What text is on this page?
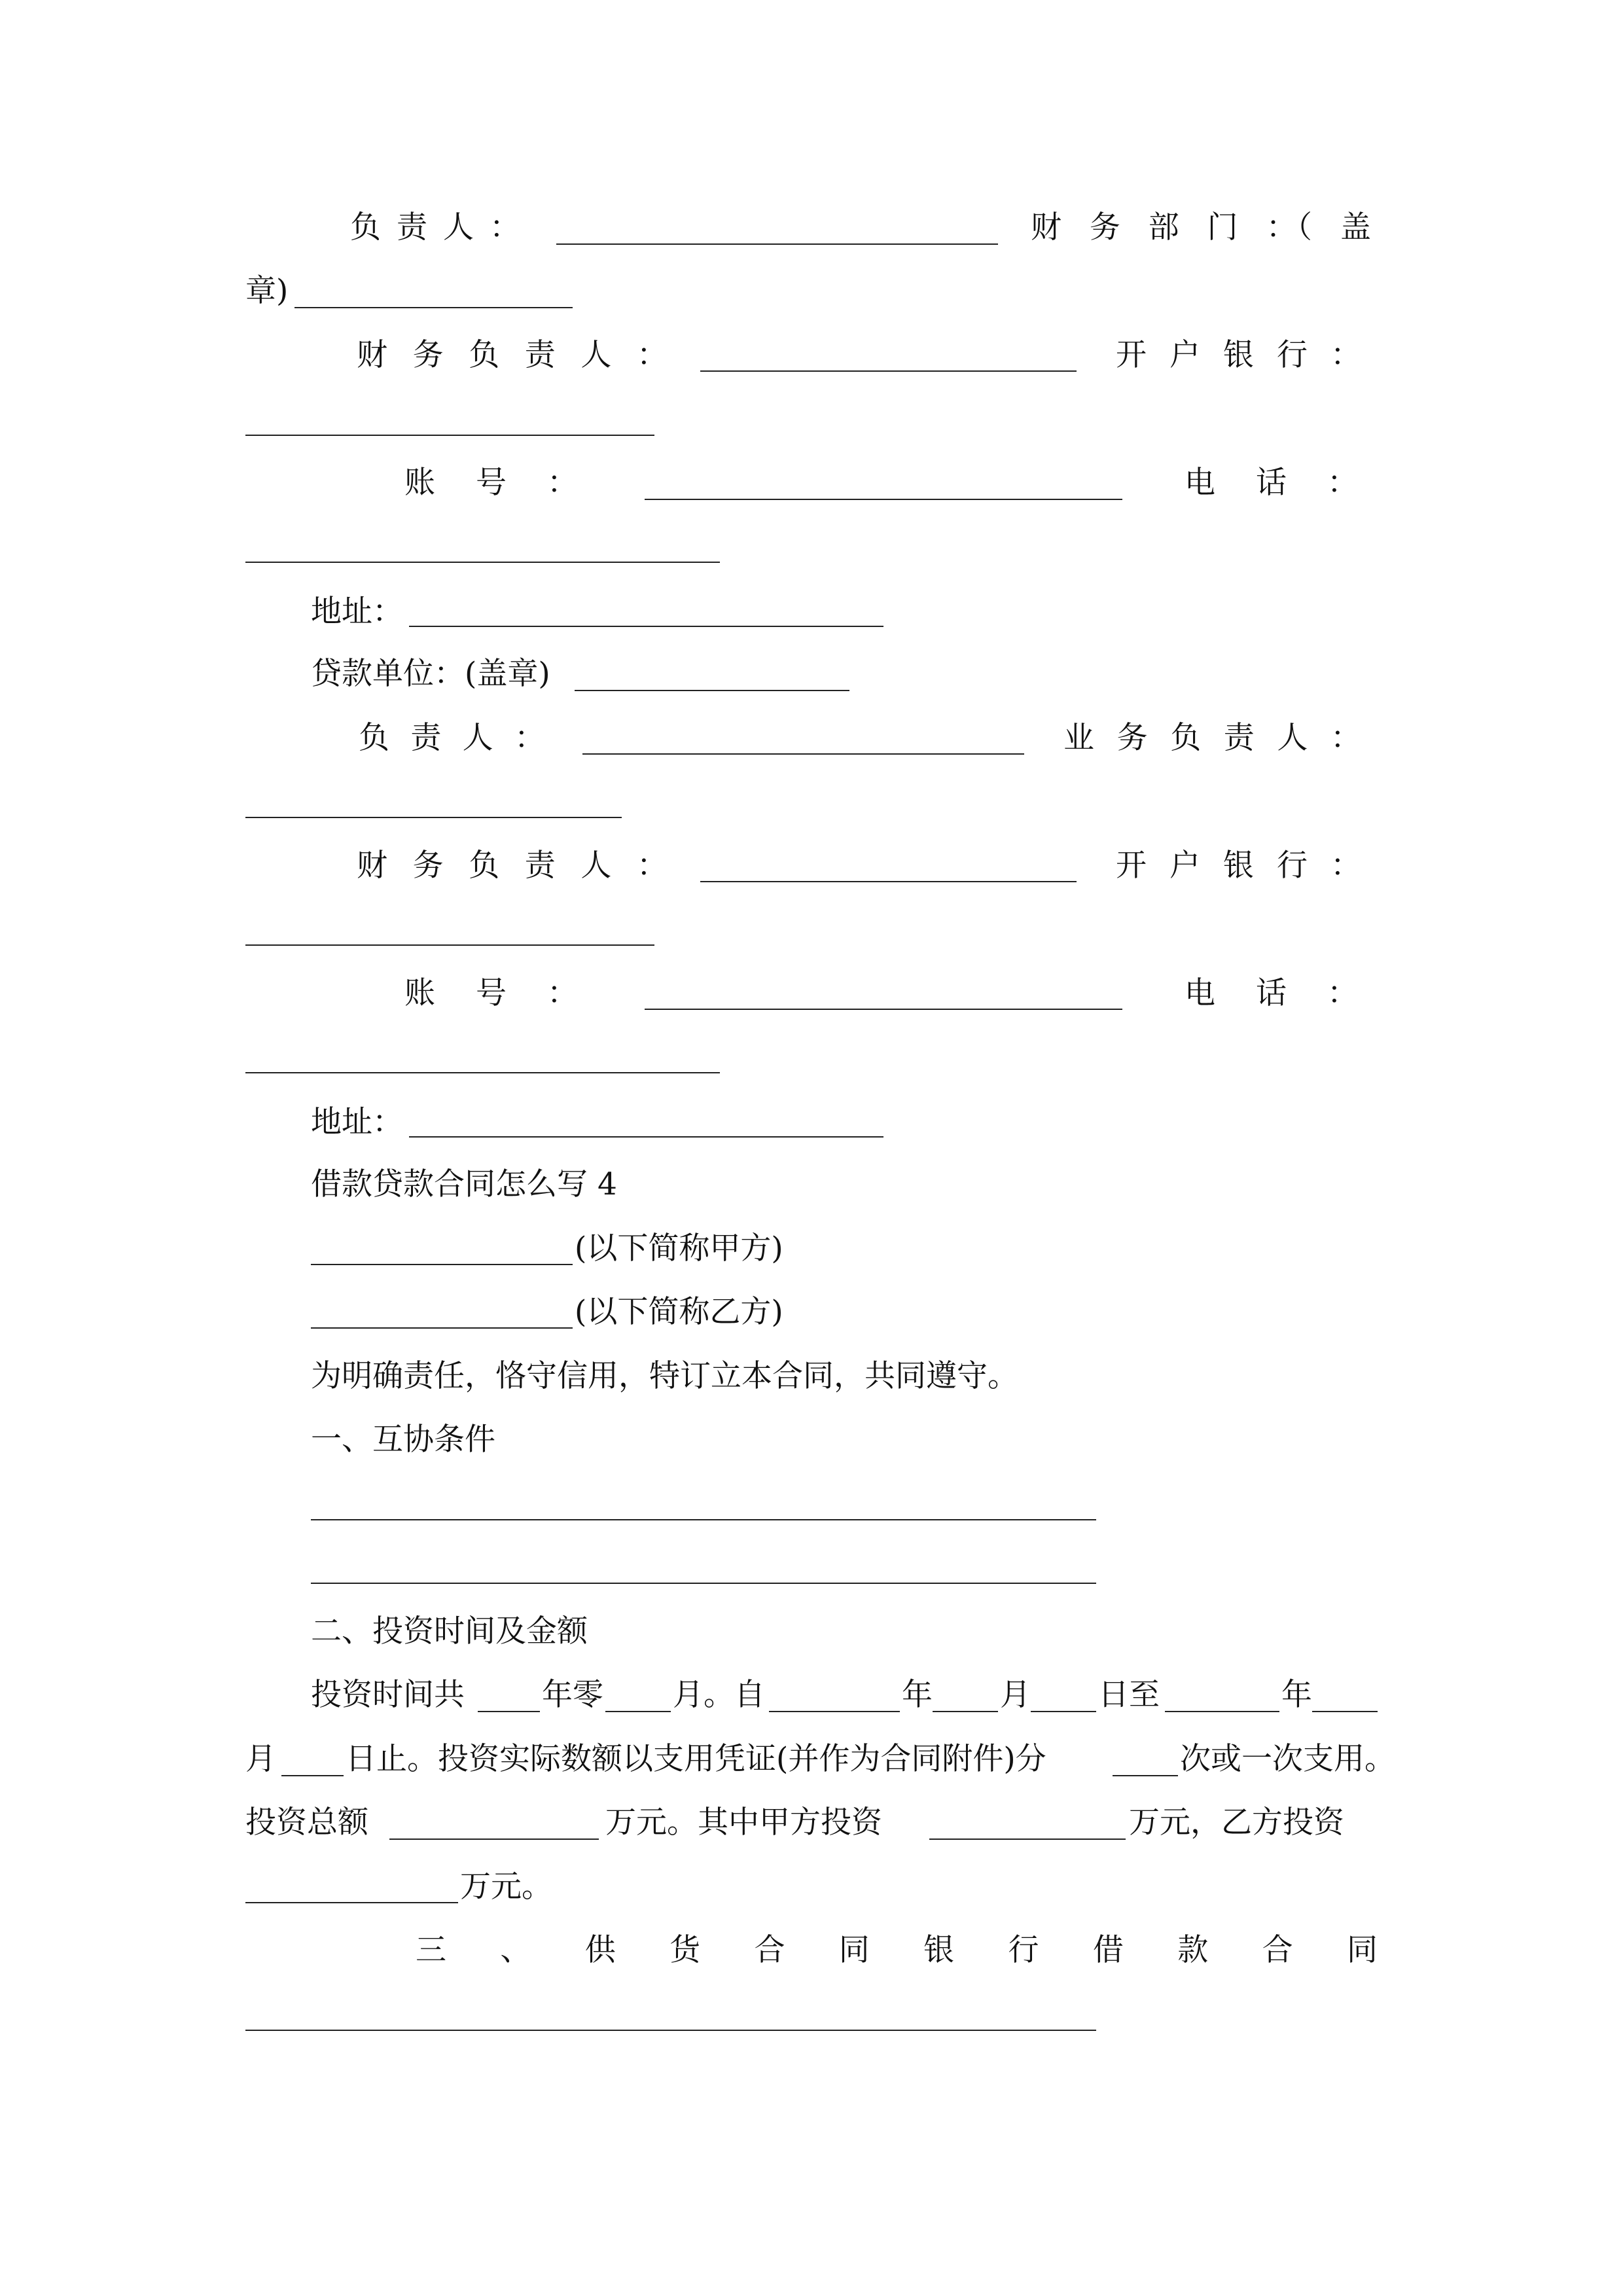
负 责 人 ：	财 务 部 门 ：（ 盖
章)
财 务 负 责 人 ：	开 户 银 行 ：
账 号 ：	电 话 ：
地址：
贷款单位：(盖章)
负 责 人 ：	业 务 负 责 人 ：
财 务 负 责 人 ：	开 户 银 行 ：
账 号 ：	电 话 ：
地址：
借款贷款合同怎么写 4
(以下简称甲方)
(以下简称乙方)
为明确责任，恪守信用，特订立本合同，共同遵守。
一、互协条件
二、投资时间及金额
投资时间共	年零 月。自	年 月 日至	年
月 日止。投资实际数额以支用凭证(并作为合同附件)分	次或一次支用。
投资总额	万元。其中甲方投资	万元，乙方投资
万元。
三 、 供 货 合 同 银 行 借 款 合 同
